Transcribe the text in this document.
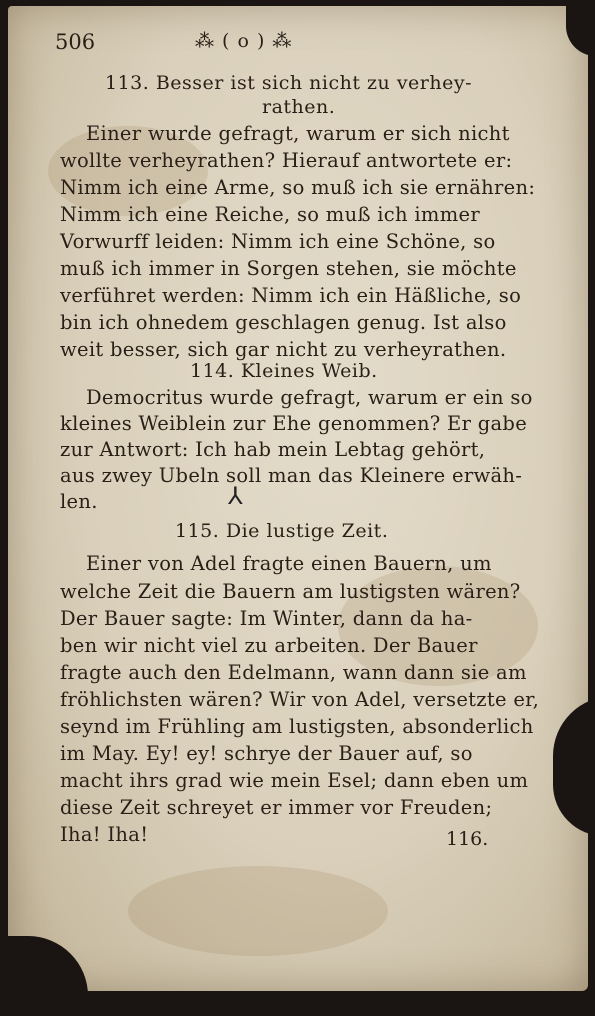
506	⁂ ( o ) ⁂
113. Besser ist sich nicht zu verhey-
rathen.
Einer wurde gefragt, warum er sich nicht
wollte verheyrathen? Hierauf antwortete er:
Nimm ich eine Arme, so muß ich sie ernähren:
Nimm ich eine Reiche, so muß ich immer
Vorwurff leiden: Nimm ich eine Schöne, so
muß ich immer in Sorgen stehen, sie möchte
verführet werden: Nimm ich ein Häßliche, so
bin ich ohnedem geschlagen genug. Ist also
weit besser, sich gar nicht zu verheyrathen.
114. Kleines Weib.
Democritus wurde gefragt, warum er ein so
kleines Weiblein zur Ehe genommen? Er gabe
zur Antwort: Ich hab mein Lebtag gehört,
aus zwey Ubeln soll man das Kleinere erwäh-
len.	⅄
115. Die lustige Zeit.
Einer von Adel fragte einen Bauern, um
welche Zeit die Bauern am lustigsten wären?
Der Bauer sagte: Im Winter, dann da ha-
ben wir nicht viel zu arbeiten. Der Bauer
fragte auch den Edelmann, wann dann sie am
fröhlichsten wären? Wir von Adel, versetzte er,
seynd im Frühling am lustigsten, absonderlich
im May. Ey! ey! schrye der Bauer auf, so
macht ihrs grad wie mein Esel; dann eben um
diese Zeit schreyet er immer vor Freuden;
Iha! Iha!	116.
